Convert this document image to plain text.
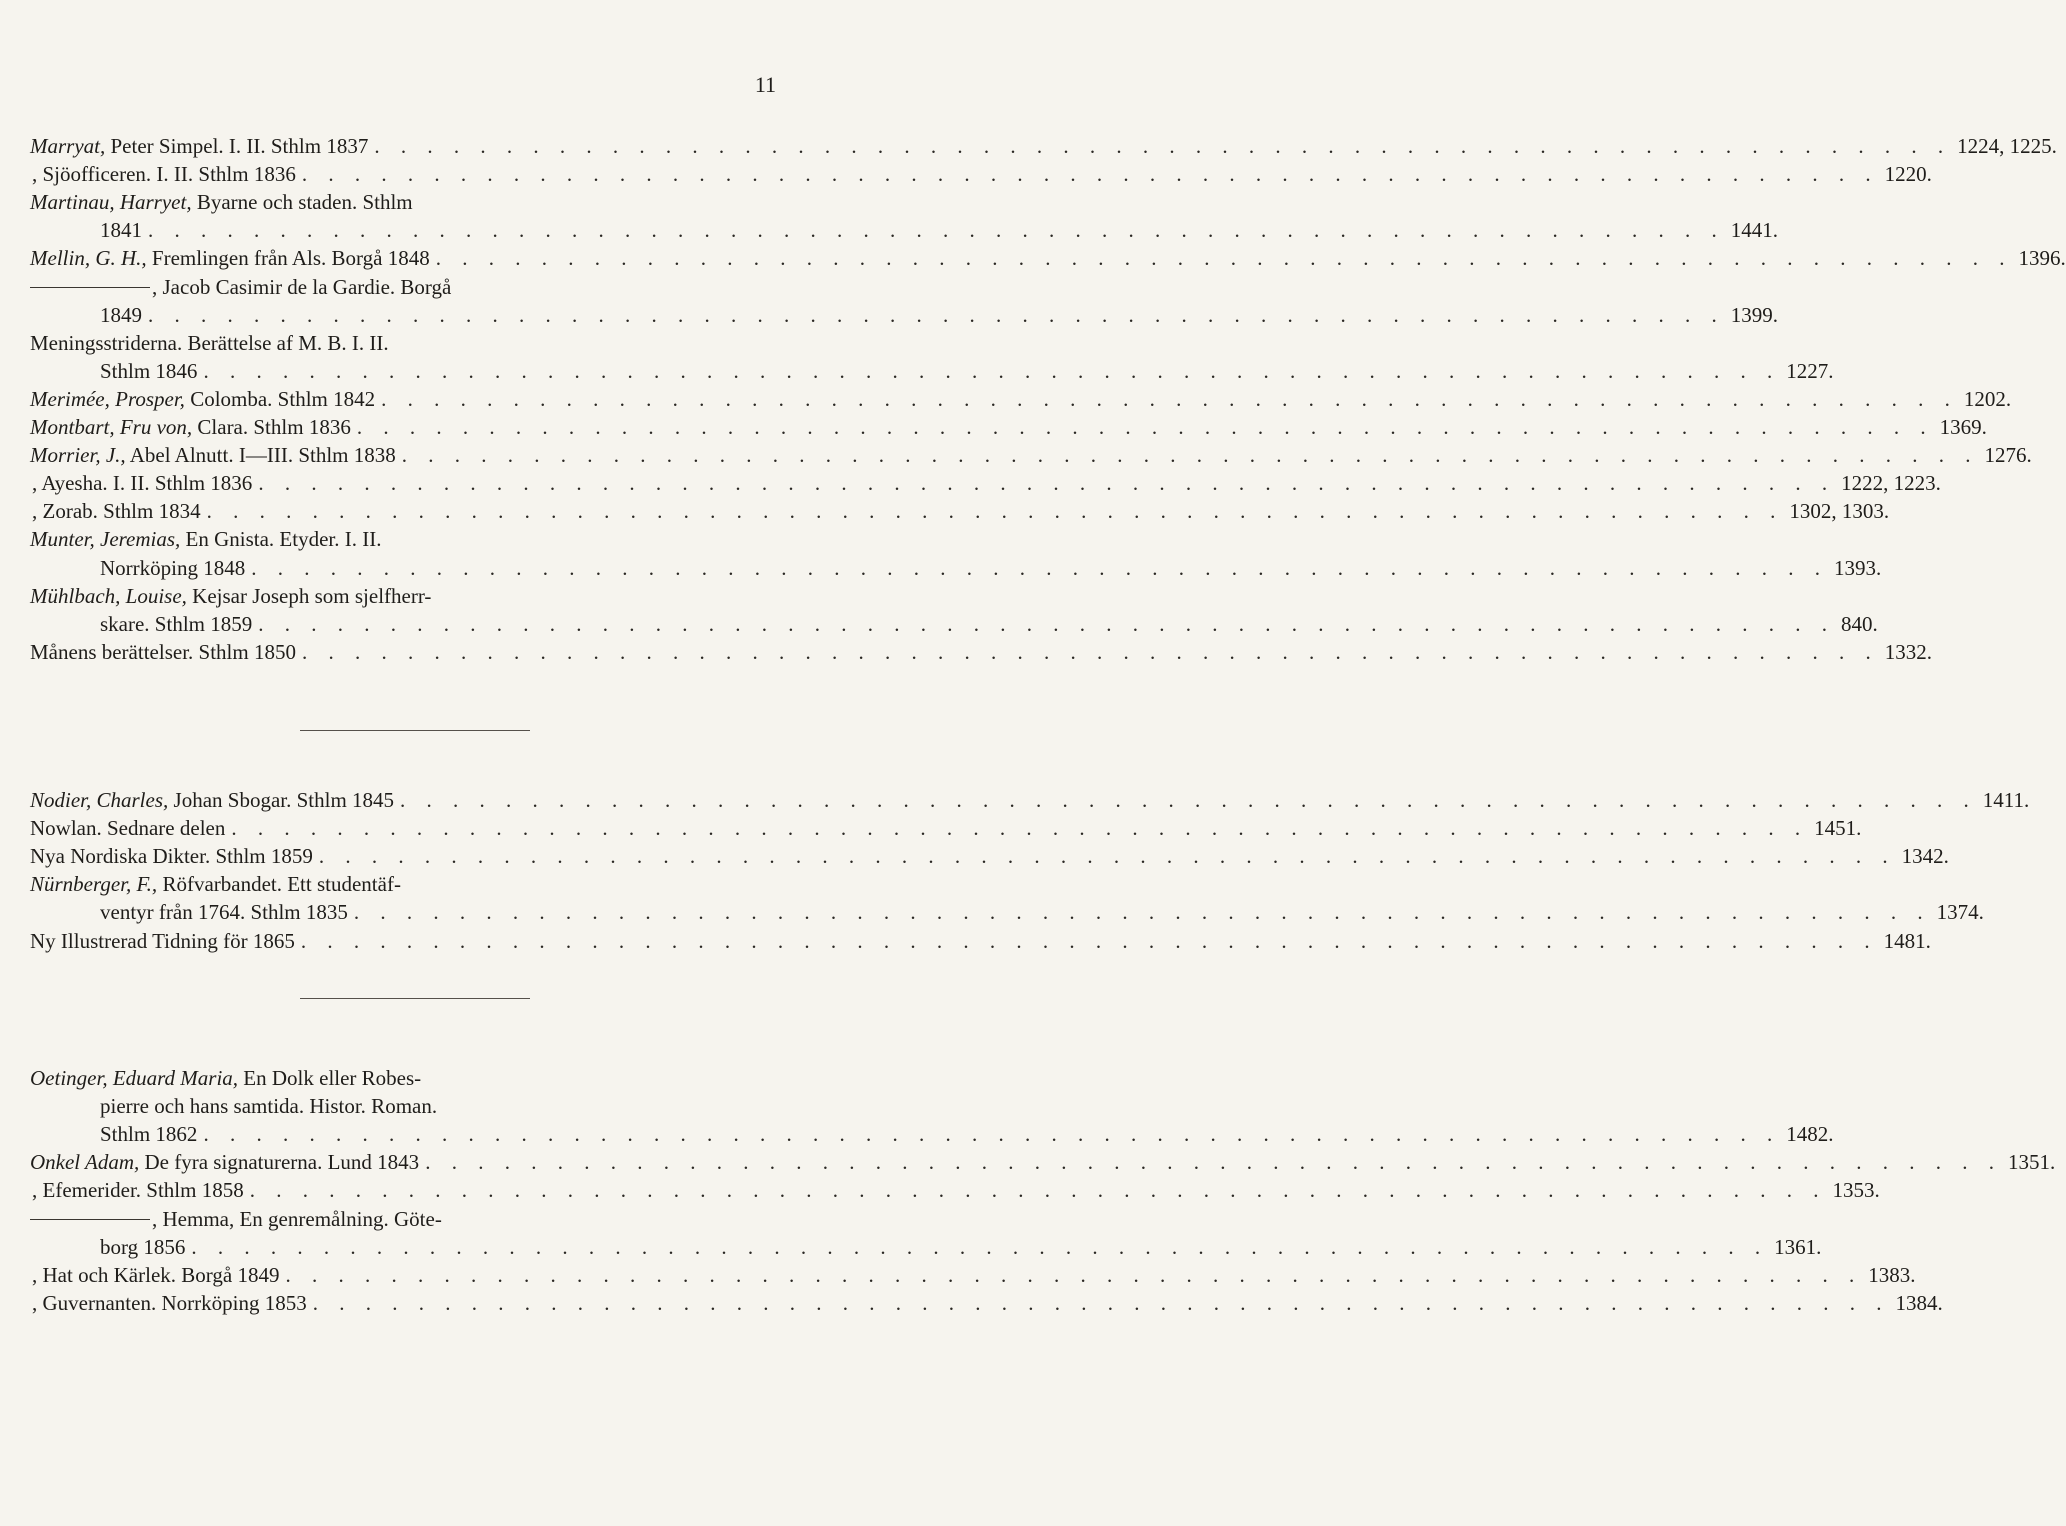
11
Marryat, Peter Simpel. I. II. Sthlm 1837 . . . . . . . . . . . . . . . . . . . . . . . . . . . . . . . . . . . . . . . . . . . . . . . . . . . . . . . . . . . . 1224, 1225.
, Sjöofficeren. I. II. Sthlm 1836 . . . . . . . . . . . . . . . . . . . . . . . . . . . . . . . . . . . . . . . . . . . . . . . . . . . . . . . . . . . . 1220.
Martinau, Harryet, Byarne och staden. Sthlm
1841 . . . . . . . . . . . . . . . . . . . . . . . . . . . . . . . . . . . . . . . . . . . . . . . . . . . . . . . . . . . . 1441.
Mellin, G. H., Fremlingen från Als. Borgå 1848 . . . . . . . . . . . . . . . . . . . . . . . . . . . . . . . . . . . . . . . . . . . . . . . . . . . . . . . . . . . . 1396.
, Jacob Casimir de la Gardie. Borgå
1849 . . . . . . . . . . . . . . . . . . . . . . . . . . . . . . . . . . . . . . . . . . . . . . . . . . . . . . . . . . . . 1399.
Meningsstriderna. Berättelse af M. B. I. II.
Sthlm 1846 . . . . . . . . . . . . . . . . . . . . . . . . . . . . . . . . . . . . . . . . . . . . . . . . . . . . . . . . . . . . 1227.
Merimée, Prosper, Colomba. Sthlm 1842 . . . . . . . . . . . . . . . . . . . . . . . . . . . . . . . . . . . . . . . . . . . . . . . . . . . . . . . . . . . . 1202.
Montbart, Fru von, Clara. Sthlm 1836 . . . . . . . . . . . . . . . . . . . . . . . . . . . . . . . . . . . . . . . . . . . . . . . . . . . . . . . . . . . . 1369.
Morrier, J., Abel Alnutt. I—III. Sthlm 1838 . . . . . . . . . . . . . . . . . . . . . . . . . . . . . . . . . . . . . . . . . . . . . . . . . . . . . . . . . . . . 1276.
, Ayesha. I. II. Sthlm 1836 . . . . . . . . . . . . . . . . . . . . . . . . . . . . . . . . . . . . . . . . . . . . . . . . . . . . . . . . . . . . 1222, 1223.
, Zorab. Sthlm 1834 . . . . . . . . . . . . . . . . . . . . . . . . . . . . . . . . . . . . . . . . . . . . . . . . . . . . . . . . . . . . 1302, 1303.
Munter, Jeremias, En Gnista. Etyder. I. II.
Norrköping 1848 . . . . . . . . . . . . . . . . . . . . . . . . . . . . . . . . . . . . . . . . . . . . . . . . . . . . . . . . . . . . 1393.
Mühlbach, Louise, Kejsar Joseph som sjelfherr-
skare. Sthlm 1859 . . . . . . . . . . . . . . . . . . . . . . . . . . . . . . . . . . . . . . . . . . . . . . . . . . . . . . . . . . . . 840.
Månens berättelser. Sthlm 1850 . . . . . . . . . . . . . . . . . . . . . . . . . . . . . . . . . . . . . . . . . . . . . . . . . . . . . . . . . . . . 1332.
Nodier, Charles, Johan Sbogar. Sthlm 1845 . . . . . . . . . . . . . . . . . . . . . . . . . . . . . . . . . . . . . . . . . . . . . . . . . . . . . . . . . . . . 1411.
Nowlan. Sednare delen . . . . . . . . . . . . . . . . . . . . . . . . . . . . . . . . . . . . . . . . . . . . . . . . . . . . . . . . . . . . 1451.
Nya Nordiska Dikter. Sthlm 1859 . . . . . . . . . . . . . . . . . . . . . . . . . . . . . . . . . . . . . . . . . . . . . . . . . . . . . . . . . . . . 1342.
Nürnberger, F., Röfvarbandet. Ett studentäf-
ventyr från 1764. Sthlm 1835 . . . . . . . . . . . . . . . . . . . . . . . . . . . . . . . . . . . . . . . . . . . . . . . . . . . . . . . . . . . . 1374.
Ny Illustrerad Tidning för 1865 . . . . . . . . . . . . . . . . . . . . . . . . . . . . . . . . . . . . . . . . . . . . . . . . . . . . . . . . . . . . 1481.
Oetinger, Eduard Maria, En Dolk eller Robes-
pierre och hans samtida. Histor. Roman.
Sthlm 1862 . . . . . . . . . . . . . . . . . . . . . . . . . . . . . . . . . . . . . . . . . . . . . . . . . . . . . . . . . . . . 1482.
Onkel Adam, De fyra signaturerna. Lund 1843 . . . . . . . . . . . . . . . . . . . . . . . . . . . . . . . . . . . . . . . . . . . . . . . . . . . . . . . . . . . . 1351.
, Efemerider. Sthlm 1858 . . . . . . . . . . . . . . . . . . . . . . . . . . . . . . . . . . . . . . . . . . . . . . . . . . . . . . . . . . . . 1353.
, Hemma, En genremålning. Göte-
borg 1856 . . . . . . . . . . . . . . . . . . . . . . . . . . . . . . . . . . . . . . . . . . . . . . . . . . . . . . . . . . . . 1361.
, Hat och Kärlek. Borgå 1849 . . . . . . . . . . . . . . . . . . . . . . . . . . . . . . . . . . . . . . . . . . . . . . . . . . . . . . . . . . . . 1383.
, Guvernanten. Norrköping 1853 . . . . . . . . . . . . . . . . . . . . . . . . . . . . . . . . . . . . . . . . . . . . . . . . . . . . . . . . . . . . 1384.
